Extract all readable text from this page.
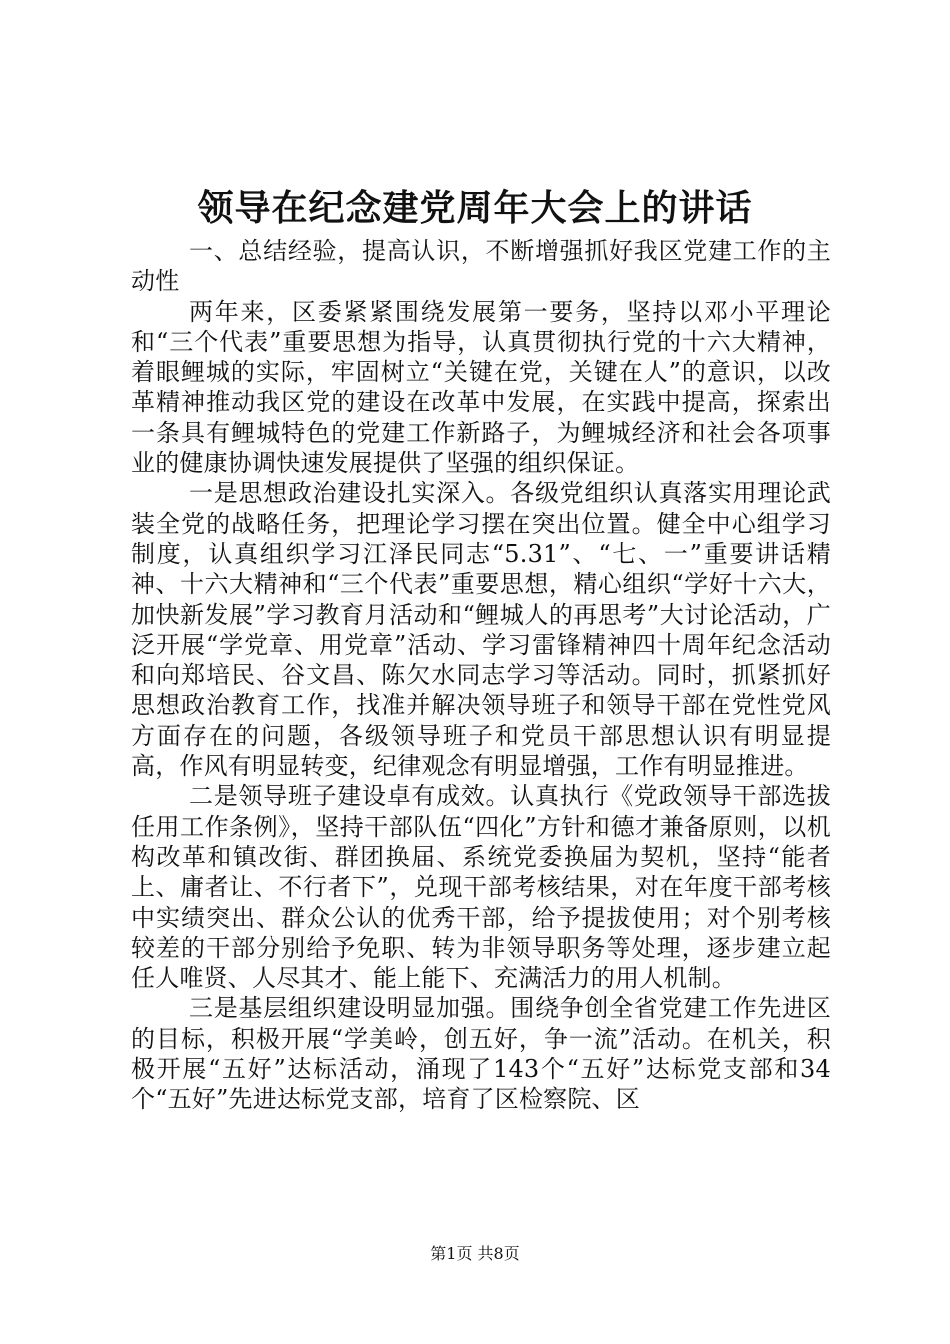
领导在纪念建党周年大会上的讲话

一、总结经验，提高认识，不断增强抓好我区党建工作的主动性

两年来，区委紧紧围绕发展第一要务，坚持以邓小平理论和“三个代表”重要思想为指导，认真贯彻执行党的十六大精神，着眼鲤城的实际，牢固树立“关键在党，关键在人”的意识，以改革精神推动我区党的建设在改革中发展，在实践中提高，探索出一条具有鲤城特色的党建工作新路子，为鲤城经济和社会各项事业的健康协调快速发展提供了坚强的组织保证。

一是思想政治建设扎实深入。各级党组织认真落实用理论武装全党的战略任务，把理论学习摆在突出位置。健全中心组学习制度，认真组织学习江泽民同志“5.31”、“七、一”重要讲话精神、十六大精神和“三个代表”重要思想，精心组织“学好十六大，加快新发展”学习教育月活动和“鲤城人的再思考”大讨论活动，广泛开展“学党章、用党章”活动、学习雷锋精神四十周年纪念活动和向郑培民、谷文昌、陈欠水同志学习等活动。同时，抓紧抓好思想政治教育工作，找准并解决领导班子和领导干部在党性党风方面存在的问题，各级领导班子和党员干部思想认识有明显提高，作风有明显转变，纪律观念有明显增强，工作有明显推进。

二是领导班子建设卓有成效。认真执行《党政领导干部选拔任用工作条例》，坚持干部队伍“四化”方针和德才兼备原则，以机构改革和镇改街、群团换届、系统党委换届为契机，坚持“能者上、庸者让、不行者下”，兑现干部考核结果，对在年度干部考核中实绩突出、群众公认的优秀干部，给予提拔使用；对个别考核较差的干部分别给予免职、转为非领导职务等处理，逐步建立起任人唯贤、人尽其才、能上能下、充满活力的用人机制。

三是基层组织建设明显加强。围绕争创全省党建工作先进区的目标，积极开展“学美岭，创五好，争一流”活动。在机关，积极开展“五好”达标活动，涌现了143个“五好”达标党支部和34个“五好”先进达标党支部，培育了区检察院、区

第1页 共8页
